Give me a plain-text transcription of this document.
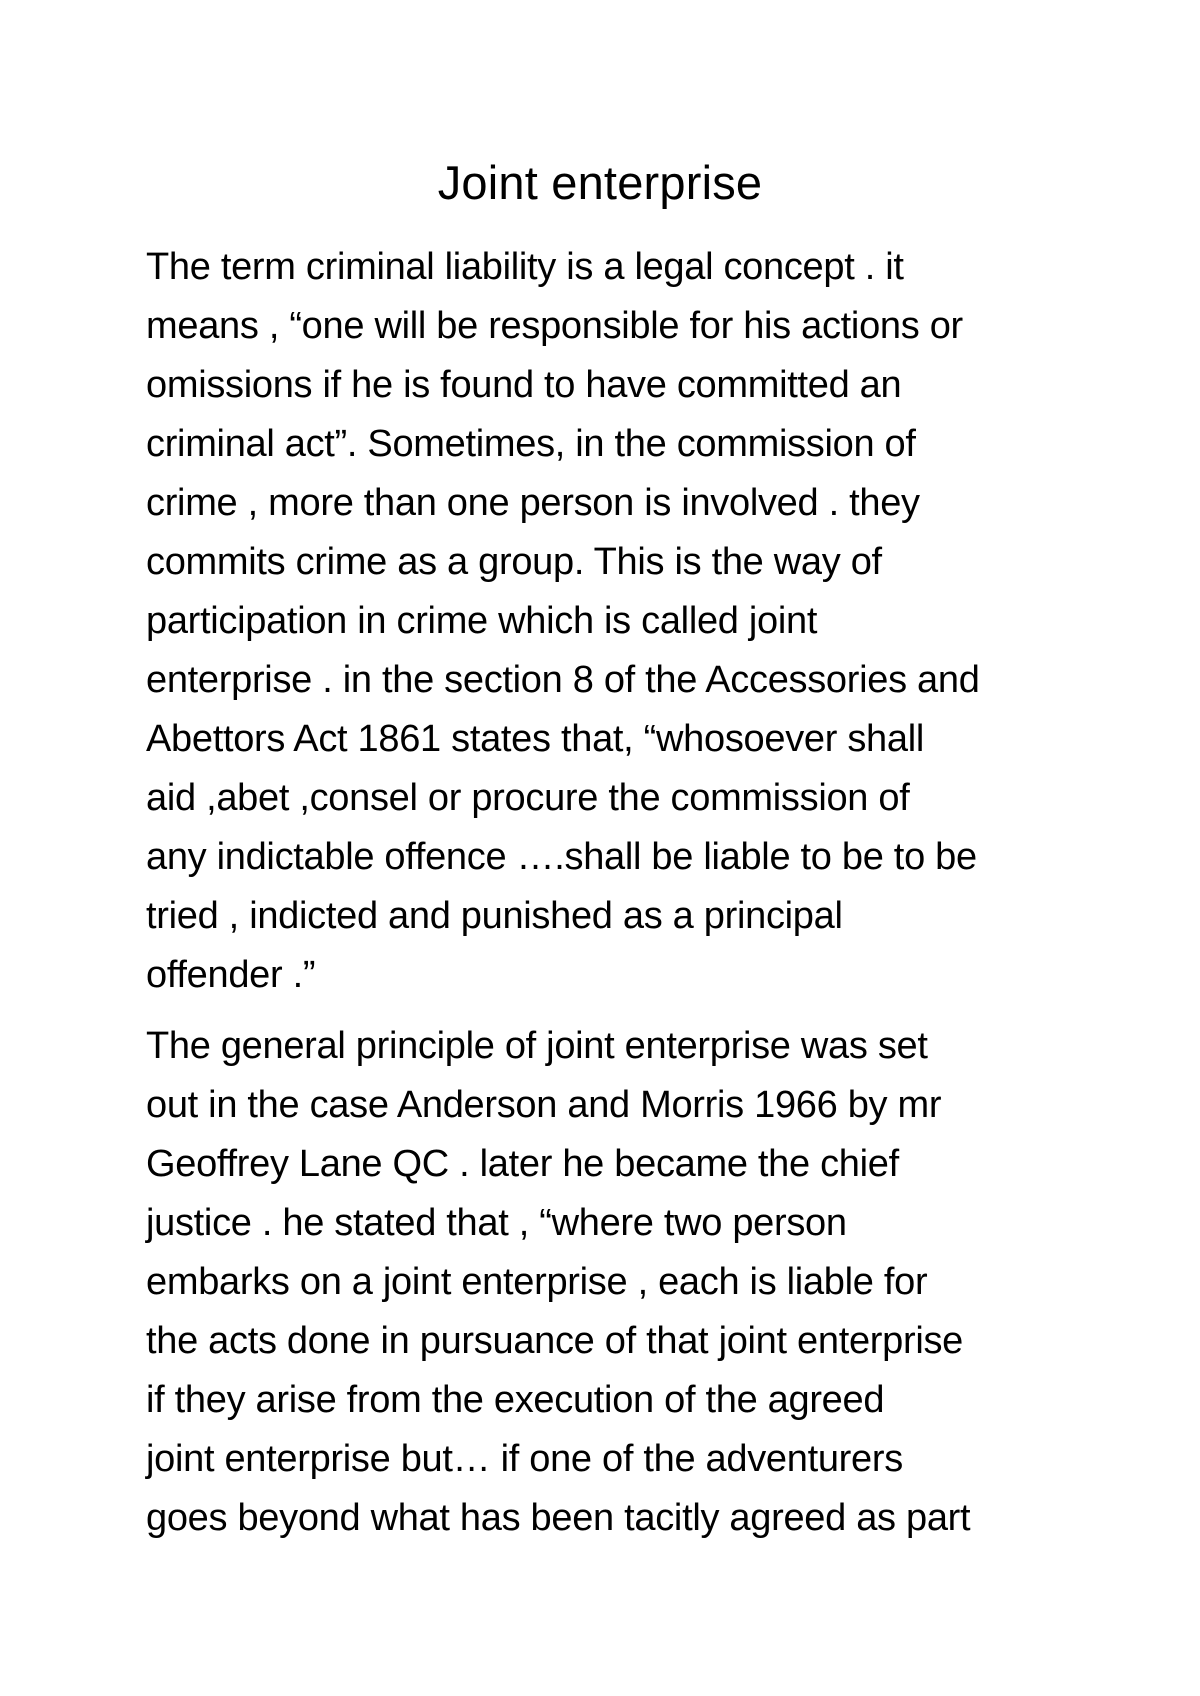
Joint enterprise
The term criminal liability is a legal concept . it
means , “one will be responsible for his actions or
omissions if he is found to have committed an
criminal act”. Sometimes, in the commission of
crime , more than one person is involved . they
commits crime as a group. This is the way of
participation in crime which is called joint
enterprise . in the section 8 of the Accessories and
Abettors Act 1861 states that, “whosoever shall
aid ,abet ,consel or procure the commission of
any indictable offence ….shall be liable to be to be
tried , indicted and punished as a principal
offender .”
The general principle of joint enterprise was set
out in the case Anderson and Morris 1966 by mr
Geoffrey Lane QC . later he became the chief
justice . he stated that , “where two person
embarks on a joint enterprise , each is liable for
the acts done in pursuance of that joint enterprise
if they arise from the execution of the agreed
joint enterprise but… if one of the adventurers
goes beyond what has been tacitly agreed as part
